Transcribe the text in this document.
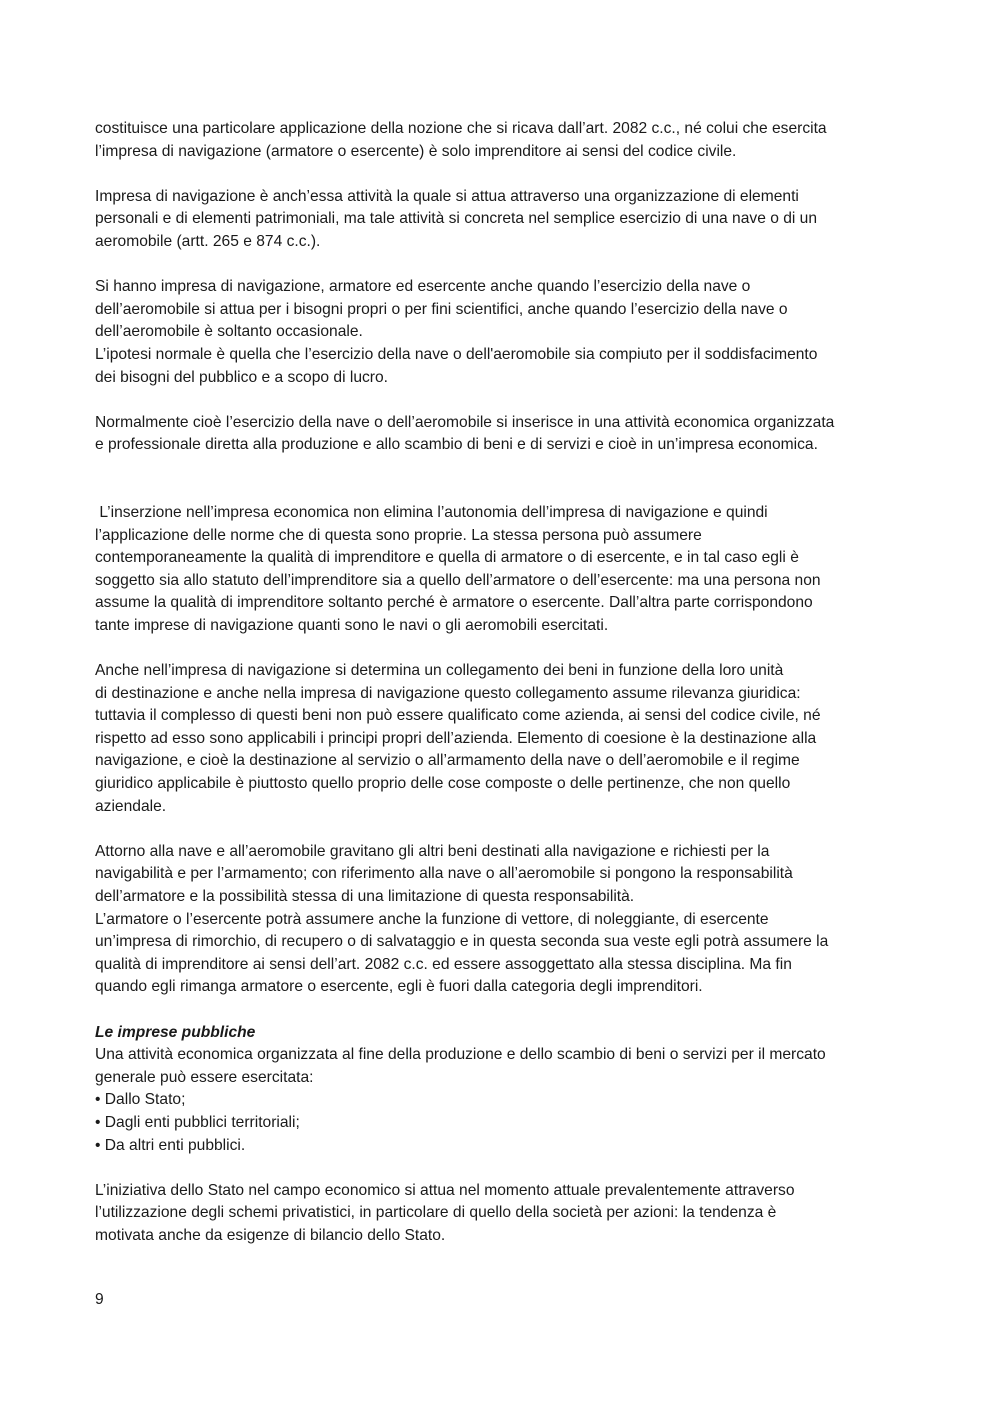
costituisce una particolare applicazione della nozione che si ricava dall’art. 2082 c.c., né colui che esercita
l’impresa di navigazione (armatore o esercente) è solo imprenditore ai sensi del codice civile.
Impresa di navigazione è anch’essa attività la quale si attua attraverso una organizzazione di elementi
personali e di elementi patrimoniali, ma tale attività si concreta nel semplice esercizio di una nave o di un
aeromobile (artt. 265 e 874 c.c.).
Si hanno impresa di navigazione, armatore ed esercente anche quando l’esercizio della nave o
dell’aeromobile si attua per i bisogni propri o per fini scientifici, anche quando l’esercizio della nave o
dell’aeromobile è soltanto occasionale.
L’ipotesi normale è quella che l’esercizio della nave o dell'aeromobile sia compiuto per il soddisfacimento
dei bisogni del pubblico e a scopo di lucro.
Normalmente cioè l’esercizio della nave o dell’aeromobile si inserisce in una attività economica organizzata
e professionale diretta alla produzione e allo scambio di beni e di servizi e cioè in un’impresa economica.
L’inserzione nell’impresa economica non elimina l’autonomia dell’impresa di navigazione e quindi
l’applicazione delle norme che di questa sono proprie. La stessa persona può assumere
contemporaneamente la qualità di imprenditore e quella di armatore o di esercente, e in tal caso egli è
soggetto sia allo statuto dell’imprenditore sia a quello dell’armatore o dell’esercente: ma una persona non
assume la qualità di imprenditore soltanto perché è armatore o esercente. Dall’altra parte corrispondono
tante imprese di navigazione quanti sono le navi o gli aeromobili esercitati.
Anche nell’impresa di navigazione si determina un collegamento dei beni in funzione della loro unità
di destinazione e anche nella impresa di navigazione questo collegamento assume rilevanza giuridica:
tuttavia il complesso di questi beni non può essere qualificato come azienda, ai sensi del codice civile, né
rispetto ad esso sono applicabili i principi propri dell’azienda. Elemento di coesione è la destinazione alla
navigazione, e cioè la destinazione al servizio o all’armamento della nave o dell’aeromobile e il regime
giuridico applicabile è piuttosto quello proprio delle cose composte o delle pertinenze, che non quello
aziendale.
Attorno alla nave e all’aeromobile gravitano gli altri beni destinati alla navigazione e richiesti per la
navigabilità e per l’armamento; con riferimento alla nave o all’aeromobile si pongono la responsabilità
dell’armatore e la possibilità stessa di una limitazione di questa responsabilità.
L’armatore o l’esercente potrà assumere anche la funzione di vettore, di noleggiante, di esercente
un’impresa di rimorchio, di recupero o di salvataggio e in questa seconda sua veste egli potrà assumere la
qualità di imprenditore ai sensi dell’art. 2082 c.c. ed essere assoggettato alla stessa disciplina. Ma fin
quando egli rimanga armatore o esercente, egli è fuori dalla categoria degli imprenditori.
Le imprese pubbliche
Una attività economica organizzata al fine della produzione e dello scambio di beni o servizi per il mercato
generale può essere esercitata:
• Dallo Stato;
• Dagli enti pubblici territoriali;
• Da altri enti pubblici.
L’iniziativa dello Stato nel campo economico si attua nel momento attuale prevalentemente attraverso
l’utilizzazione degli schemi privatistici, in particolare di quello della società per azioni: la tendenza è
motivata anche da esigenze di bilancio dello Stato.
9
